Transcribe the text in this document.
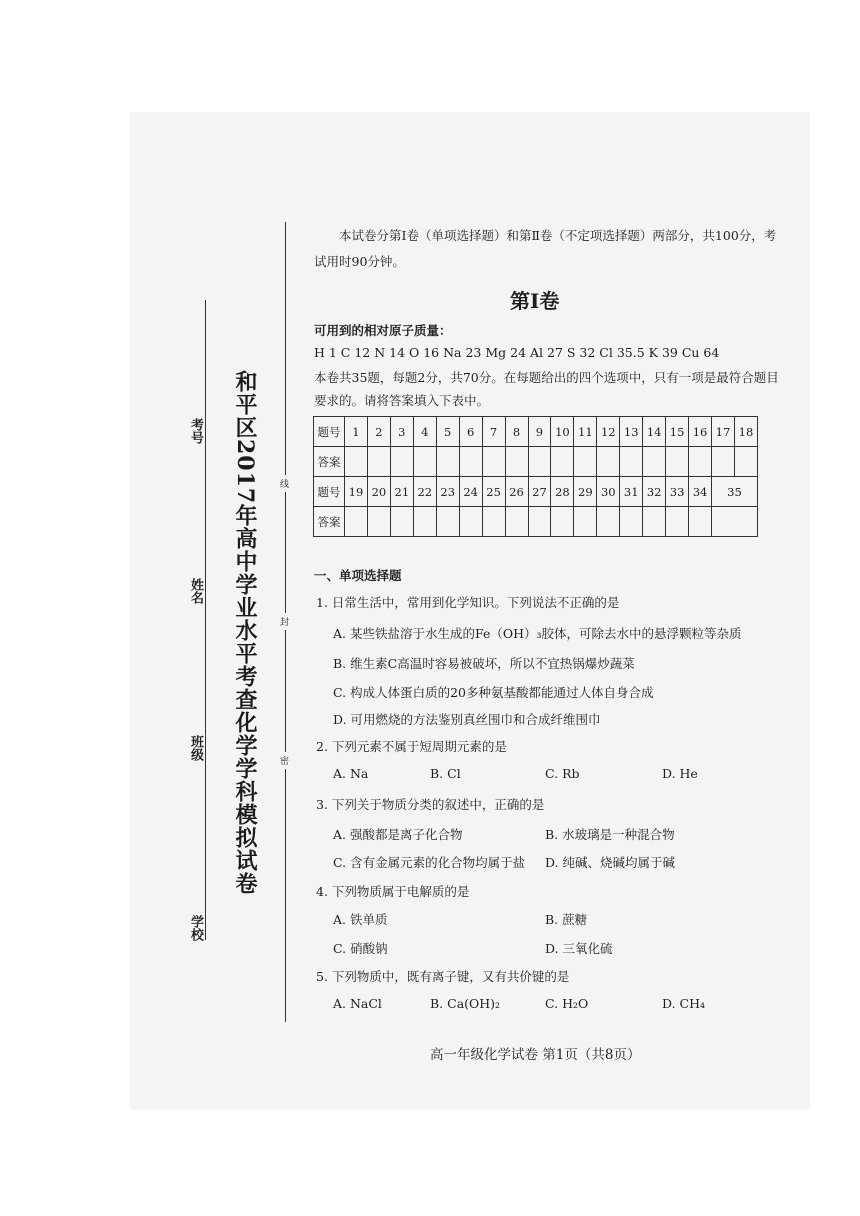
和平区2017年高中学业水平考查化学学科模拟试卷
学校
班级
姓名
考号
密
封
线
本试卷分第Ⅰ卷（单项选择题）和第Ⅱ卷（不定项选择题）两部分，共100分，考
试用时90分钟。
第Ⅰ卷
可用到的相对原子质量：
H 1 C 12 N 14 O 16 Na 23 Mg 24 Al 27 S 32 Cl 35.5 K 39 Cu 64
本卷共35题，每题2分，共70分。在每题给出的四个选项中，只有一项是最符合题目
要求的。请将答案填入下表中。
题号	1	2	3	4	5	6	7	8	9	10	11	12	13	14	15	16	17	18
答案																		
题号	19	20	21	22	23	24	25	26	27	28	29	30	31	32	33	34	35	
答案																		
一、单项选择题
1. 日常生活中，常用到化学知识。下列说法不正确的是
A. 某些铁盐溶于水生成的Fe（OH）₃胶体，可除去水中的悬浮颗粒等杂质
B. 维生素C高温时容易被破坏，所以不宜热锅爆炒蔬菜
C. 构成人体蛋白质的20多种氨基酸都能通过人体自身合成
D. 可用燃烧的方法鉴别真丝围巾和合成纤维围巾
2. 下列元素不属于短周期元素的是
A. Na	B. Cl	C. Rb	D. He
3. 下列关于物质分类的叙述中，正确的是
A. 强酸都是离子化合物	B. 水玻璃是一种混合物
C. 含有金属元素的化合物均属于盐 D. 纯碱、烧碱均属于碱
4. 下列物质属于电解质的是
A. 铁单质	B. 蔗糖
C. 硝酸钠	D. 三氧化硫
5. 下列物质中，既有离子键，又有共价键的是
A. NaCl	B. Ca(OH)₂	C. H₂O	D. CH₄
高一年级化学试卷 第1页（共8页）
